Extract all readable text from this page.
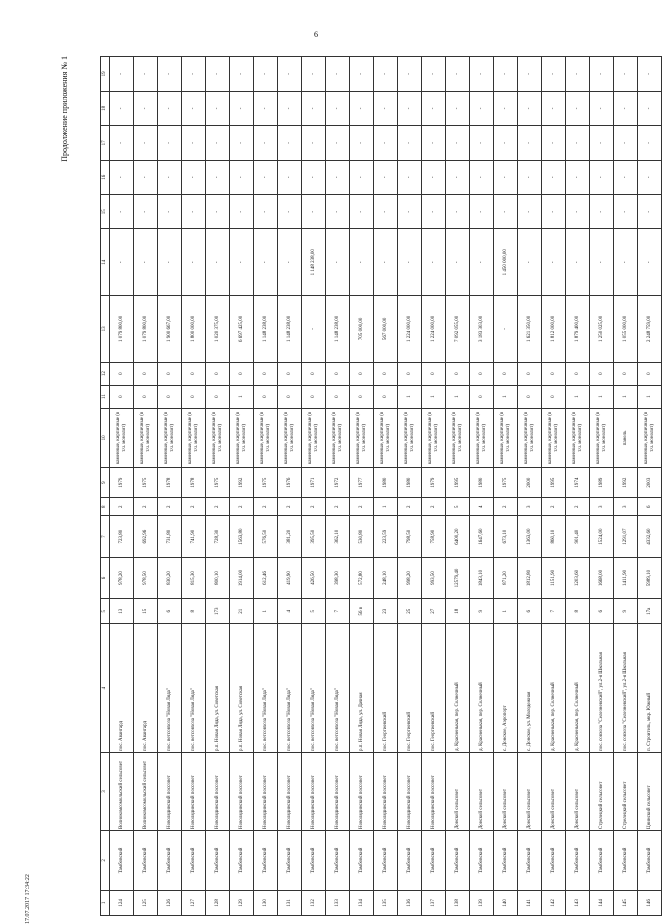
6
Продолжение приложения № 1
17.07.2017 17:34:22	1	2	3	4	5	6	7	8	9	10	11	12	13	14	15	16	17	18	19
124	Тамбовский	Волнокомсомольский сельсовет	пос. Авангард	13	978,20	723,80	2	1979	каменные, кирпичные (в т.ч. монолит)	0	0	1 079 800,00	-	-	-	-	-	-
125	Тамбовский	Волнокомсомольский сельсовет	пос. Авангард	15	978,50	692,96	2	1975	каменные, кирпичные (в т.ч. монолит)	0	0	1 079 800,00	-	-	-	-	-	-
126	Тамбовский	Новолядинский поссовет	пос. ветсовхоза "Новая Ляда"	6	830,20	731,80	2	1978	каменные, кирпичные (в т.ч. монолит)	0	0	1 900 667,00	-	-	-	-	-	-
127	Тамбовский	Новолядинский поссовет	пос. ветсовхоза "Новая Ляда"	8	815,30	741,90	2	1978	каменные, кирпичные (в т.ч. монолит)	0	0	1 800 000,00	-	-	-	-	-	-
128	Тамбовский	Новолядинский поссовет	р.п. Новая Ляда, ул. Советская	173	800,10	728,30	2	1975	каменные, кирпичные (в т.ч. монолит)	0	0	1 020 375,00	-	-	-	-	-	-
129	Тамбовский	Новолядинский поссовет	р.п. Новая Ляда, ул. Советская	21	1914,00	1563,80	2	1992	каменные, кирпичные (в т.ч. монолит)	1	0	6 697 425,00	-	-	-	-	-	-
130	Тамбовский	Новолядинский поссовет	пос. ветсовхоза "Новая Ляда"	1	612,46	576,50	2	1975	каменные, кирпичные (в т.ч. монолит)	0	0	1 148 238,00	-	-	-	-	-	-
131	Тамбовский	Новолядинский поссовет	пос. ветсовхоза "Новая Ляда"	4	419,90	381,20	2	1976	каменные, кирпичные (в т.ч. монолит)	0	0	1 148 238,00	-	-	-	-	-	-
132	Тамбовский	Новолядинский поссовет	пос. ветсовхоза "Новая Ляда"	5	426,50	395,50	2	1971	каменные, кирпичные (в т.ч. монолит)	0	0	-	1 148 238,00	-	-	-	-	-
133	Тамбовский	Новолядинский поссовет	пос. ветсовхоза "Новая Ляда"	7	398,30	362,10	2	1972	каменные, кирпичные (в т.ч. монолит)	0	0	1 148 238,00	-	-	-	-	-	-
134	Тамбовский	Новолядинский поссовет	р.п. Новая Ляда, ул. Дачная	56 в	572,80	530,80	2	1977	каменные, кирпичные (в т.ч. монолит)	0	0	705 000,00	-	-	-	-	-	-
135	Тамбовский	Новолядинский поссовет	пос. Георгиевский	23	248,10	223,59	1	1980	каменные, кирпичные (в т.ч. монолит)	0	0	567 000,00	-	-	-	-	-	-
136	Тамбовский	Новолядинский поссовет	пос. Георгиевский	25	998,20	798,50	2	1980	каменные, кирпичные (в т.ч. монолит)	1	0	1 224 000,00	-	-	-	-	-	-
137	Тамбовский	Новолядинский поссовет	пос. Георгиевский	27	993,50	758,90	2	1979	каменные, кирпичные (в т.ч. монолит)	1	0	1 224 000,00	-	-	-	-	-	-
138	Тамбовский	Донской сельсовет	д. Красненькая, пер. Солнечный	18	12579,40	6400,20	5	1995	каменные, кирпичные (в т.ч. монолит)	1	0	7 092 055,00	-	-	-	-	-	-
139	Тамбовский	Донской сельсовет	д. Красненькая, пер. Солнечный	9	1843,10	1647,60	4	1980	каменные, кирпичные (в т.ч. монолит)	0	0	3 183 303,00	-	-	-	-	-	-
140	Тамбовский	Донской сельсовет	с. Донское, Аэропорт	1	871,20	673,10	2	1975	каменные, кирпичные (в т.ч. монолит)	1	0	-	1 450 000,00	-	-	-	-	-
141	Тамбовский	Донской сельсовет	с. Донское, ул. Молодежная	6	1812,80	1363,00	3	2000	каменные, кирпичные (в т.ч. монолит)	0	0	1 621 350,00	-	-	-	-	-	-
142	Тамбовский	Донской сельсовет	д. Красненькая, пер. Солнечный	7	1151,90	860,10	2	1995	каменные, кирпичные (в т.ч. монолит)	0	0	1 812 000,00	-	-	-	-	-	-
143	Тамбовский	Донской сельсовет	д. Красненькая, пер. Солнечный	8	1203,60	901,40	2	1974	каменные, кирпичные (в т.ч. монолит)	1	0	1 879 400,00	-	-	-	-	-	-
144	Тамбовский	Стрелецкий сельсовет	пос. совхоза "Селезневский", ул.2-я Школьная	6	1668,00	1524,00	3	1989	каменные, кирпичные (в т.ч. монолит)	1	0	1 250 025,00	-	-	-	-	-	-
145	Тамбовский	Стрелецкий сельсовет	пос. совхоза "Селезневский", ул.2-я Школьная	9	1411,90	1291,07	3	1992	панель	1	0	1 055 000,00	-	-	-	-	-	-
146	Тамбовский	Цнинский сельсовет	п. Строитель, мкр. Южный	17а	5989,10	4332,60	6	2003	каменные, кирпичные (в т.ч. монолит)	1	0	2 248 759,00	-	-	-	-	-	-
